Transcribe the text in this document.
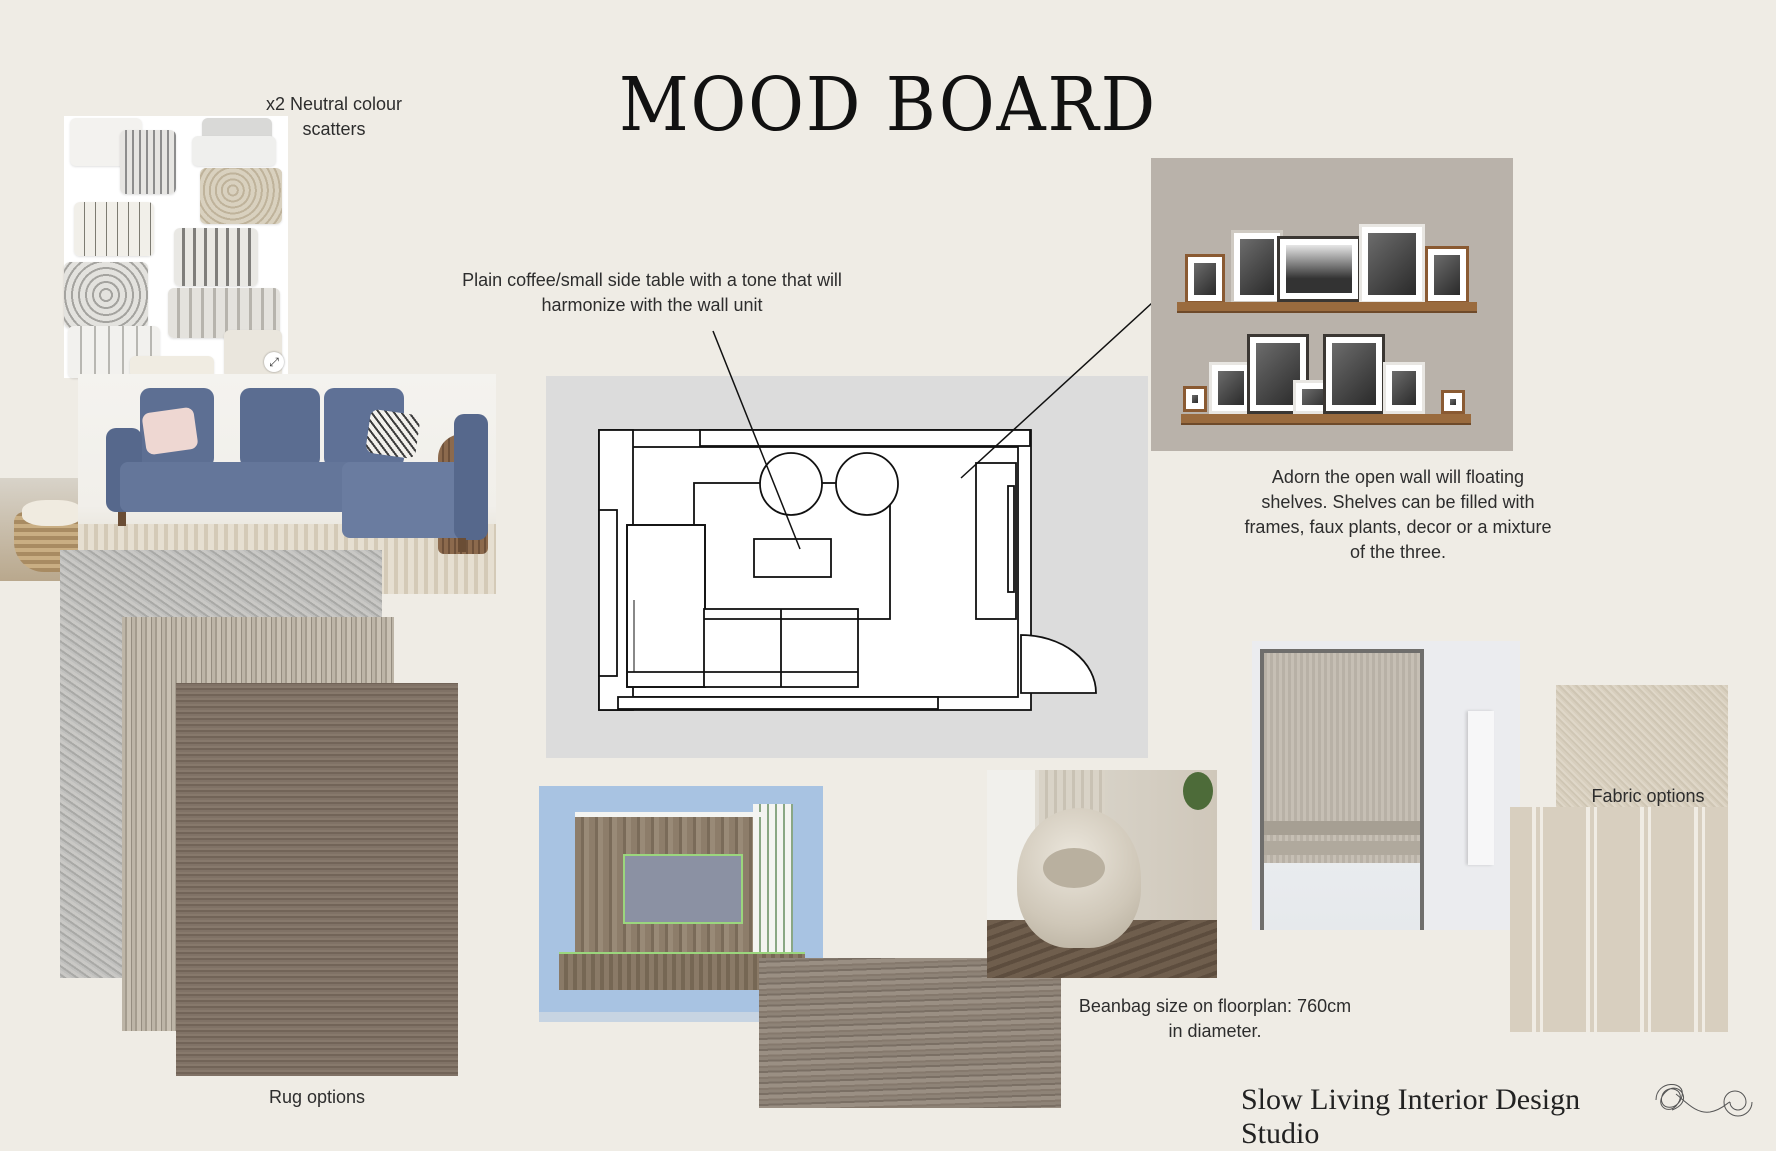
MOOD BOARD
⤢
x2 Neutral colour scatters
Rug options
Plain coffee/small side table with a tone that will harmonize with the wall unit
Beanbag size on floorplan: 760cm in diameter.
Adorn the open wall will floating shelves. Shelves can be filled with frames, faux plants, decor or a mixture of the three.
Fabric options
Slow Living Interior Design Studio
